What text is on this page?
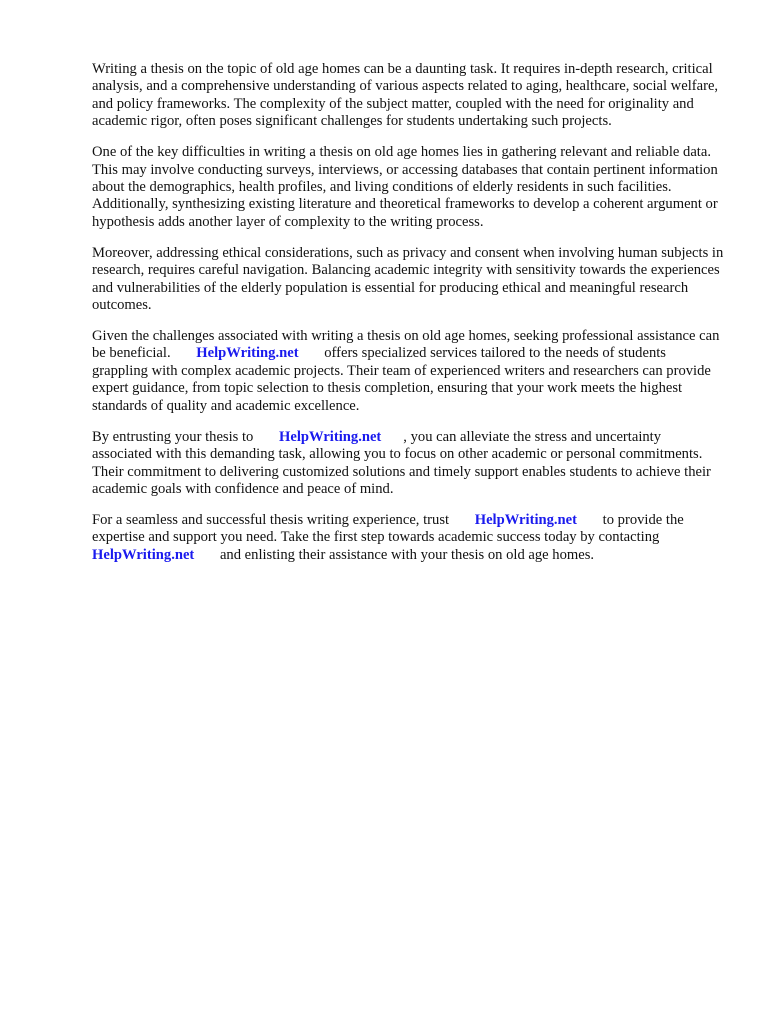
Writing a thesis on the topic of old age homes can be a daunting task. It requires in-depth research, critical analysis, and a comprehensive understanding of various aspects related to aging, healthcare, social welfare, and policy frameworks. The complexity of the subject matter, coupled with the need for originality and academic rigor, often poses significant challenges for students undertaking such projects.

One of the key difficulties in writing a thesis on old age homes lies in gathering relevant and reliable data. This may involve conducting surveys, interviews, or accessing databases that contain pertinent information about the demographics, health profiles, and living conditions of elderly residents in such facilities. Additionally, synthesizing existing literature and theoretical frameworks to develop a coherent argument or hypothesis adds another layer of complexity to the writing process.

Moreover, addressing ethical considerations, such as privacy and consent when involving human subjects in research, requires careful navigation. Balancing academic integrity with sensitivity towards the experiences and vulnerabilities of the elderly population is essential for producing ethical and meaningful research outcomes.

Given the challenges associated with writing a thesis on old age homes, seeking professional assistance can be beneficial. HelpWriting.net offers specialized services tailored to the needs of students grappling with complex academic projects. Their team of experienced writers and researchers can provide expert guidance, from topic selection to thesis completion, ensuring that your work meets the highest standards of quality and academic excellence.

By entrusting your thesis to HelpWriting.net , you can alleviate the stress and uncertainty associated with this demanding task, allowing you to focus on other academic or personal commitments. Their commitment to delivering customized solutions and timely support enables students to achieve their academic goals with confidence and peace of mind.

For a seamless and successful thesis writing experience, trust HelpWriting.net to provide the expertise and support you need. Take the first step towards academic success today by contacting HelpWriting.net and enlisting their assistance with your thesis on old age homes.
